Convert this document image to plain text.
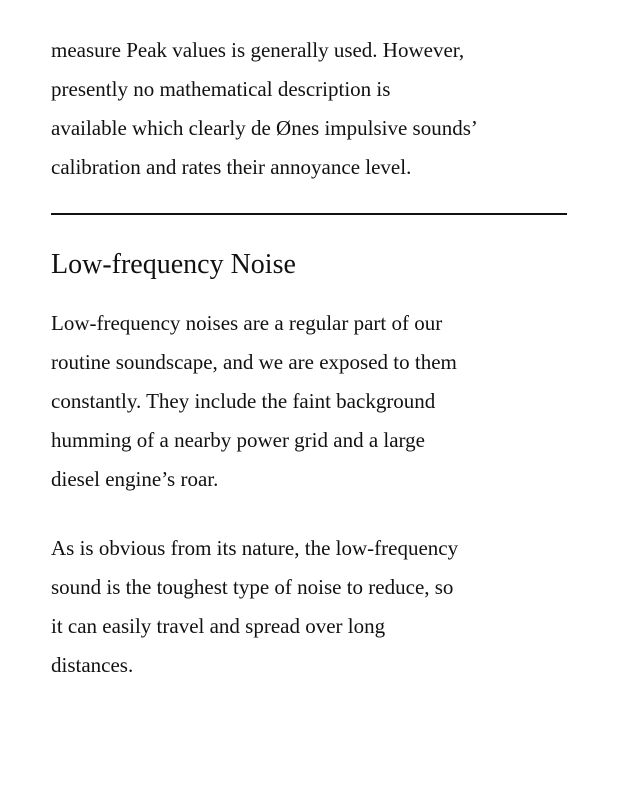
measure Peak values is generally used. However,
presently no mathematical description is
available which clearly de Ønes impulsive sounds’
calibration and rates their annoyance level.
Low-frequency Noise
Low-frequency noises are a regular part of our
routine soundscape, and we are exposed to them
constantly. They include the faint background
humming of a nearby power grid and a large
diesel engine’s roar.
As is obvious from its nature, the low-frequency
sound is the toughest type of noise to reduce, so
it can easily travel and spread over long
distances.
